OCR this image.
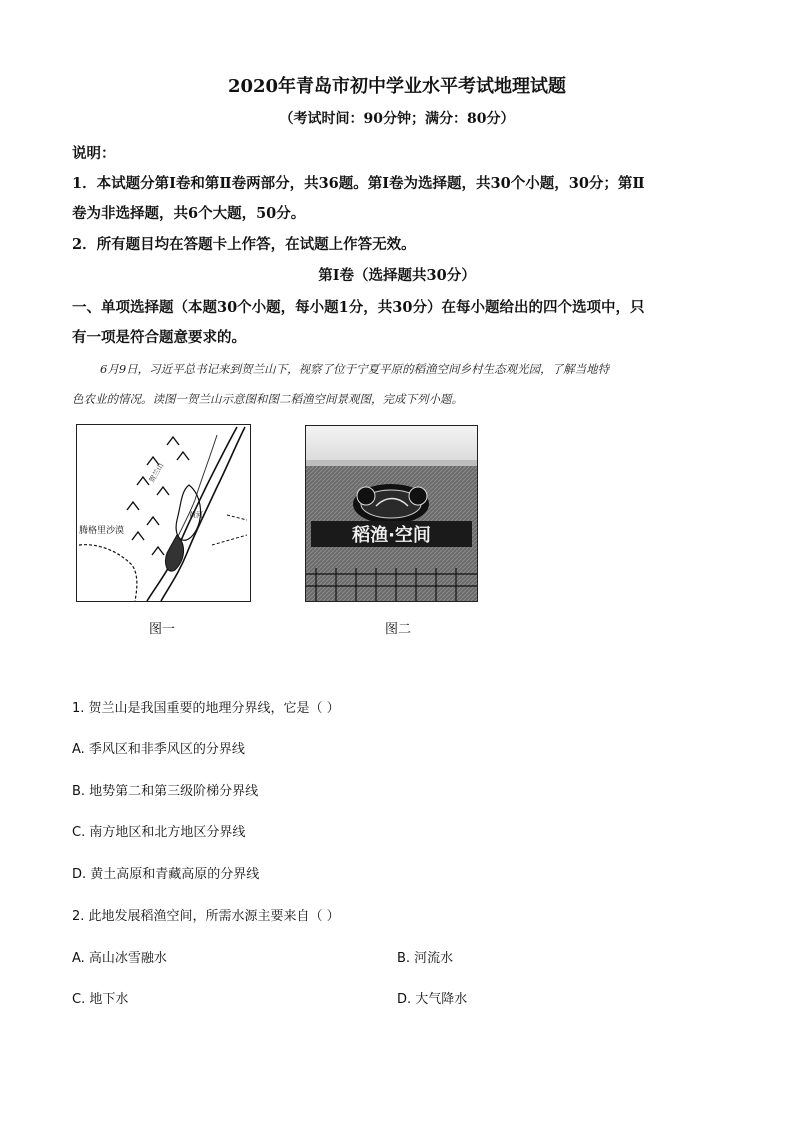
2020年青岛市初中学业水平考试地理试题
（考试时间：90分钟；满分：80分）
说明：
1．本试题分第Ⅰ卷和第Ⅱ卷两部分，共36题。第Ⅰ卷为选择题，共30个小题，30分；第Ⅱ
卷为非选择题，共6个大题，50分。
2．所有题目均在答题卡上作答，在试题上作答无效。
第Ⅰ卷（选择题共30分）
一、单项选择题（本题30个小题，每小题1分，共30分）在每小题给出的四个选项中，只
有一项是符合题意要求的。
6月9日，习近平总书记来到贺兰山下，视察了位于宁夏平原的稻渔空间乡村生态观光园，了解当地特
色农业的情况。读图一贺兰山示意图和图二稻渔空间景观图，完成下列小题。
腾格里沙漠
贺兰山
黄河
图一
稻渔·空间
图二
1. 贺兰山是我国重要的地理分界线，它是（ ）
A. 季风区和非季风区的分界线
B. 地势第二和第三级阶梯分界线
C. 南方地区和北方地区分界线
D. 黄土高原和青藏高原的分界线
2. 此地发展稻渔空间，所需水源主要来自（ ）
A. 高山冰雪融水	B. 河流水
C. 地下水	D. 大气降水
